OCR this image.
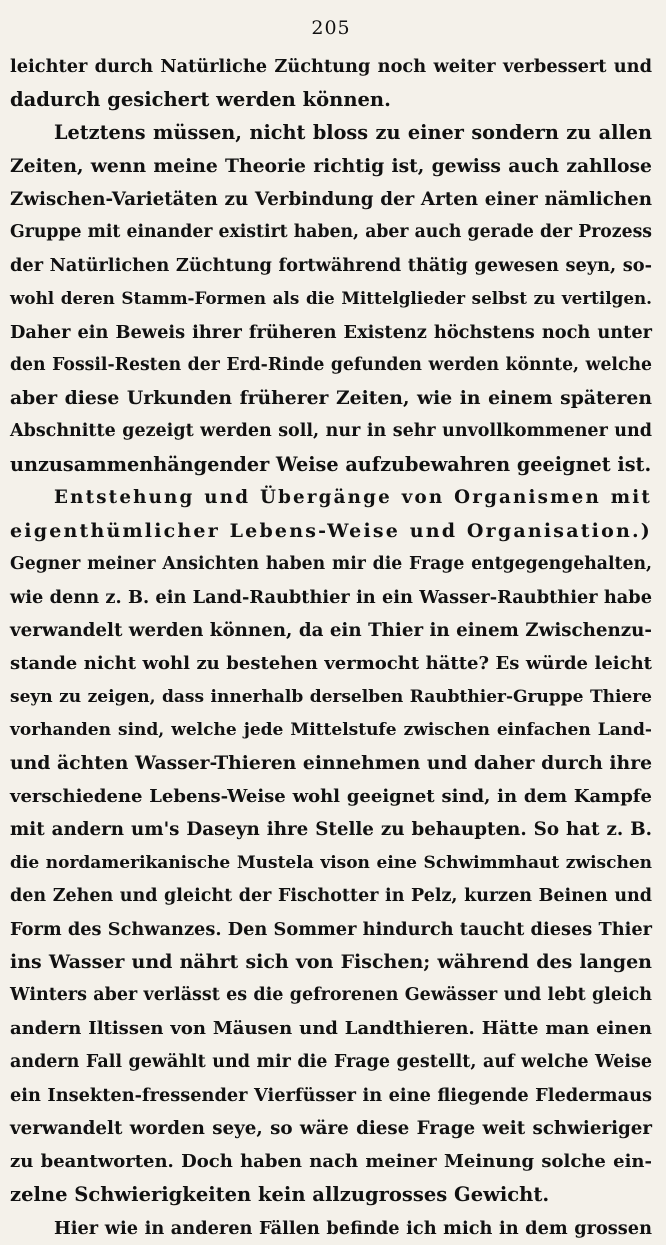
205
leichter durch Natürliche Züchtung noch weiter verbessert und
dadurch gesichert werden können.
Letztens müssen, nicht bloss zu einer sondern zu allen
Zeiten, wenn meine Theorie richtig ist, gewiss auch zahllose
Zwischen-Varietäten zu Verbindung der Arten einer nämlichen
Gruppe mit einander existirt haben, aber auch gerade der Prozess
der Natürlichen Züchtung fortwährend thätig gewesen seyn, so-
wohl deren Stamm-Formen als die Mittelglieder selbst zu vertilgen.
Daher ein Beweis ihrer früheren Existenz höchstens noch unter
den Fossil-Resten der Erd-Rinde gefunden werden könnte, welche
aber diese Urkunden früherer Zeiten, wie in einem späteren
Abschnitte gezeigt werden soll, nur in sehr unvollkommener und
unzusammenhängender Weise aufzubewahren geeignet ist.
Entstehung und Übergänge von Organismen mit
eigenthümlicher Lebens-Weise und Organisation.)
Gegner meiner Ansichten haben mir die Frage entgegengehalten,
wie denn z. B. ein Land-Raubthier in ein Wasser-Raubthier habe
verwandelt werden können, da ein Thier in einem Zwischenzu-
stande nicht wohl zu bestehen vermocht hätte? Es würde leicht
seyn zu zeigen, dass innerhalb derselben Raubthier-Gruppe Thiere
vorhanden sind, welche jede Mittelstufe zwischen einfachen Land-
und ächten Wasser-Thieren einnehmen und daher durch ihre
verschiedene Lebens-Weise wohl geeignet sind, in dem Kampfe
mit andern um's Daseyn ihre Stelle zu behaupten. So hat z. B.
die nordamerikanische Mustela vison eine Schwimmhaut zwischen
den Zehen und gleicht der Fischotter in Pelz, kurzen Beinen und
Form des Schwanzes. Den Sommer hindurch taucht dieses Thier
ins Wasser und nährt sich von Fischen; während des langen
Winters aber verlässt es die gefrorenen Gewässer und lebt gleich
andern Iltissen von Mäusen und Landthieren. Hätte man einen
andern Fall gewählt und mir die Frage gestellt, auf welche Weise
ein Insekten-fressender Vierfüsser in eine fliegende Fledermaus
verwandelt worden seye, so wäre diese Frage weit schwieriger
zu beantworten. Doch haben nach meiner Meinung solche ein-
zelne Schwierigkeiten kein allzugrosses Gewicht.
Hier wie in anderen Fällen befinde ich mich in dem grossen
